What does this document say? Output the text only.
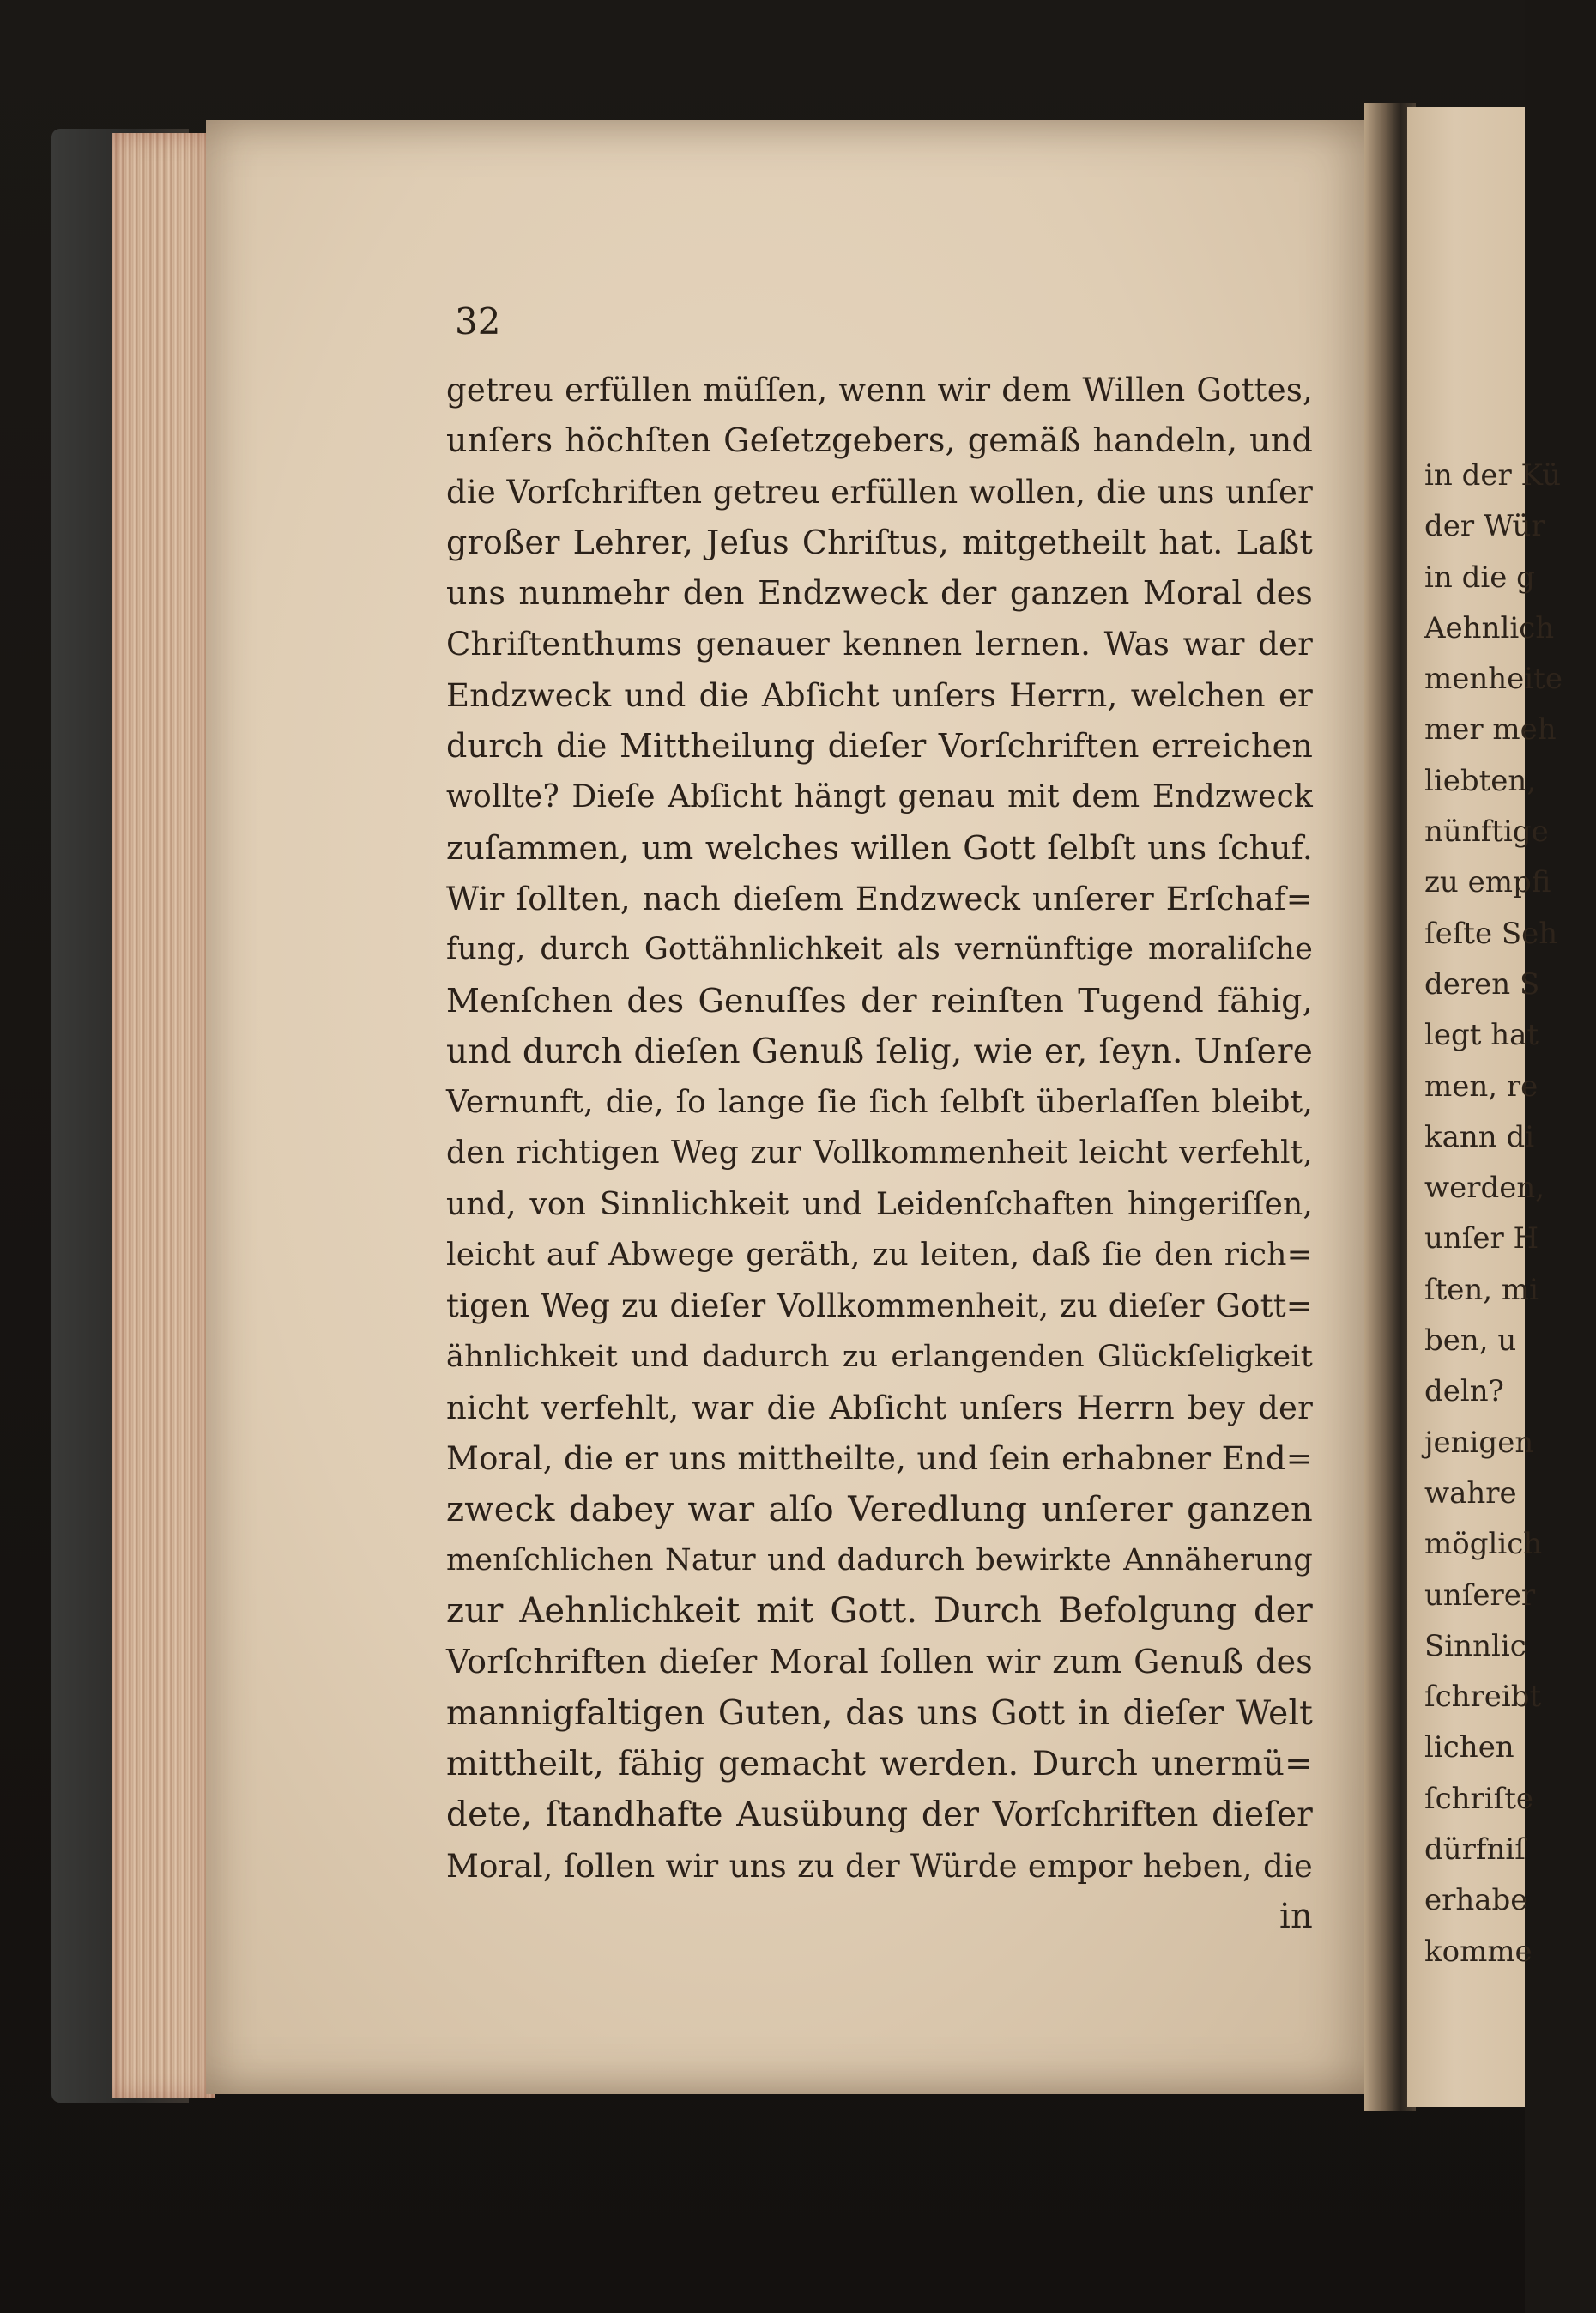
in der Kü
der Wür
in die g
Aehnlich
menheite
mer meh
liebten,
nünftige
zu empfi
ſeſte Seh
deren S
legt hat
men, re
kann di
werden,
unſer H
ſten, mi
ben, u
deln?
jenigen
wahre
möglich
unſerer
Sinnlic
ſchreibt
lichen
ſchriſte
dürfniſ
erhabe
komme
32
getreu erfüllen müſſen, wenn wir dem Willen Gottes,
unſers höchſten Geſetzgebers, gemäß handeln, und
die Vorſchriften getreu erfüllen wollen, die uns unſer
großer Lehrer, Jeſus Chriſtus, mitgetheilt hat. Laßt
uns nunmehr den Endzweck der ganzen Moral des
Chriſtenthums genauer kennen lernen. Was war der
Endzweck und die Abſicht unſers Herrn, welchen er
durch die Mittheilung dieſer Vorſchriften erreichen
wollte? Dieſe Abſicht hängt genau mit dem Endzweck
zuſammen, um welches willen Gott ſelbſt uns ſchuf.
Wir ſollten, nach dieſem Endzweck unſerer Erſchaf=
fung, durch Gottähnlichkeit als vernünftige moraliſche
Menſchen des Genuſſes der reinſten Tugend fähig,
und durch dieſen Genuß ſelig, wie er, ſeyn. Unſere
Vernunft, die, ſo lange ſie ſich ſelbſt überlaſſen bleibt,
den richtigen Weg zur Vollkommenheit leicht verfehlt,
und, von Sinnlichkeit und Leidenſchaften hingeriſſen,
leicht auf Abwege geräth, zu leiten, daß ſie den rich=
tigen Weg zu dieſer Vollkommenheit, zu dieſer Gott=
ähnlichkeit und dadurch zu erlangenden Glückſeligkeit
nicht verfehlt, war die Abſicht unſers Herrn bey der
Moral, die er uns mittheilte, und ſein erhabner End=
zweck dabey war alſo Veredlung unſerer ganzen
menſchlichen Natur und dadurch bewirkte Annäherung
zur Aehnlichkeit mit Gott. Durch Befolgung der
Vorſchriften dieſer Moral ſollen wir zum Genuß des
mannigfaltigen Guten, das uns Gott in dieſer Welt
mittheilt, fähig gemacht werden. Durch unermü=
dete, ſtandhafte Ausübung der Vorſchriften dieſer
Moral, ſollen wir uns zu der Würde empor heben, die
in
